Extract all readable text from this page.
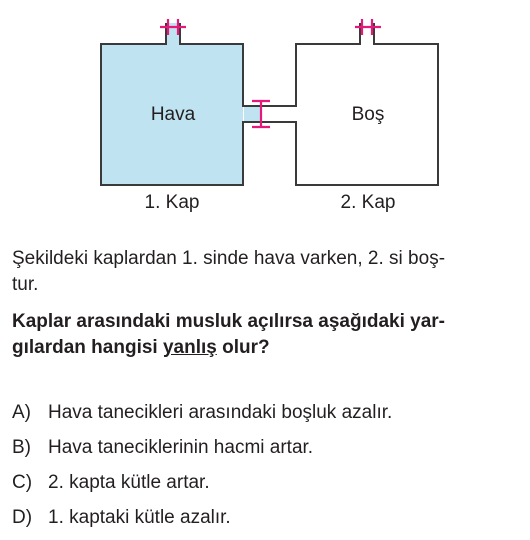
Hava	Boş
1. Kap	2. Kap
Şekildeki kaplardan 1. sinde hava varken, 2. si boş-
tur.
Kaplar arasındaki musluk açılırsa aşağıdaki yar-
gılardan hangisi yanlış olur?
A) Hava tanecikleri arasındaki boşluk azalır.
B) Hava taneciklerinin hacmi artar.
C) 2. kapta kütle artar.
D) 1. kaptaki kütle azalır.
